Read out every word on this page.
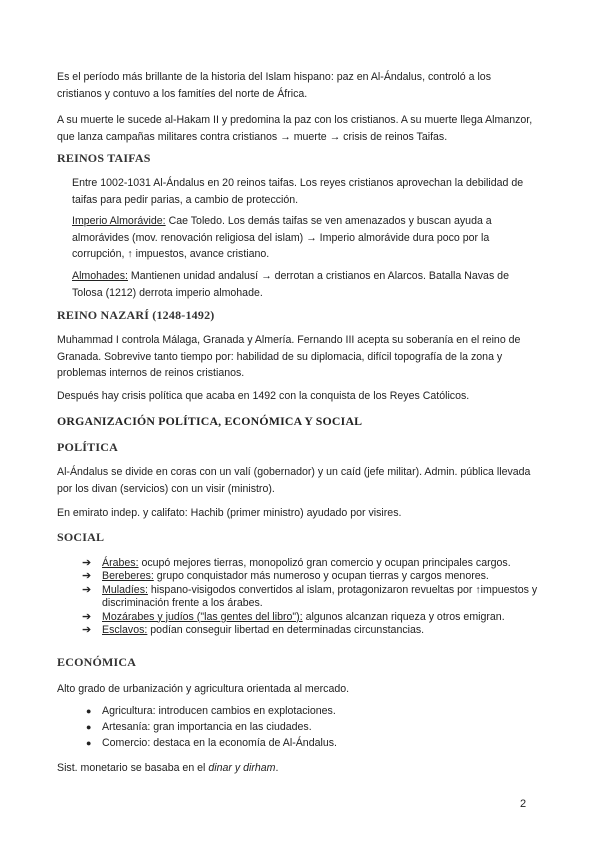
Es el período más brillante de la historia del Islam hispano: paz en Al-Ándalus, controló a los cristianos y contuvo a los famitíes del norte de África.

A su muerte le sucede al-Hakam II y predomina la paz con los cristianos. A su muerte llega Almanzor, que lanza campañas militares contra cristianos → muerte → crisis de reinos Taifas.

REINOS TAIFAS

Entre 1002-1031 Al-Ándalus en 20 reinos taifas. Los reyes cristianos aprovechan la debilidad de taifas para pedir parias, a cambio de protección.

Imperio Almorávide: Cae Toledo. Los demás taifas se ven amenazados y buscan ayuda a almorávides (mov. renovación religiosa del islam) → Imperio almorávide dura poco por la corrupción, ↑ impuestos, avance cristiano.

Almohades: Mantienen unidad andalusí → derrotan a cristianos en Alarcos. Batalla Navas de Tolosa (1212) derrota imperio almohade.

REINO NAZARÍ (1248-1492)

Muhammad I controla Málaga, Granada y Almería. Fernando III acepta su soberanía en el reino de Granada. Sobrevive tanto tiempo por: habilidad de su diplomacia, difícil topografía de la zona y problemas internos de reinos cristianos.

Después hay crisis política que acaba en 1492 con la conquista de los Reyes Católicos.

ORGANIZACIÓN POLÍTICA, ECONÓMICA Y SOCIAL
POLÍTICA

Al-Ándalus se divide en coras con un valí (gobernador) y un caíd (jefe militar). Admin. pública llevada por los divan (servicios) con un visir (ministro).

En emirato indep. y califato: Hachib (primer ministro) ayudado por visires.

SOCIAL
➔ Árabes: ocupó mejores tierras, monopolizó gran comercio y ocupan principales cargos.
➔ Bereberes: grupo conquistador más numeroso y ocupan tierras y cargos menores.
➔ Muladíes: hispano-visigodos convertidos al islam, protagonizaron revueltas por ↑impuestos y discriminación frente a los árabes.
➔ Mozárabes y judíos ("las gentes del libro"): algunos alcanzan riqueza y otros emigran.
➔ Esclavos: podían conseguir libertad en determinadas circunstancias.
ECONÓMICA

Alto grado de urbanización y agricultura orientada al mercado.

● Agricultura: introducen cambios en explotaciones.
● Artesanía: gran importancia en las ciudades.
● Comercio: destaca en la economía de Al-Ándalus.

Sist. monetario se basaba en el dinar y dirham.

2
